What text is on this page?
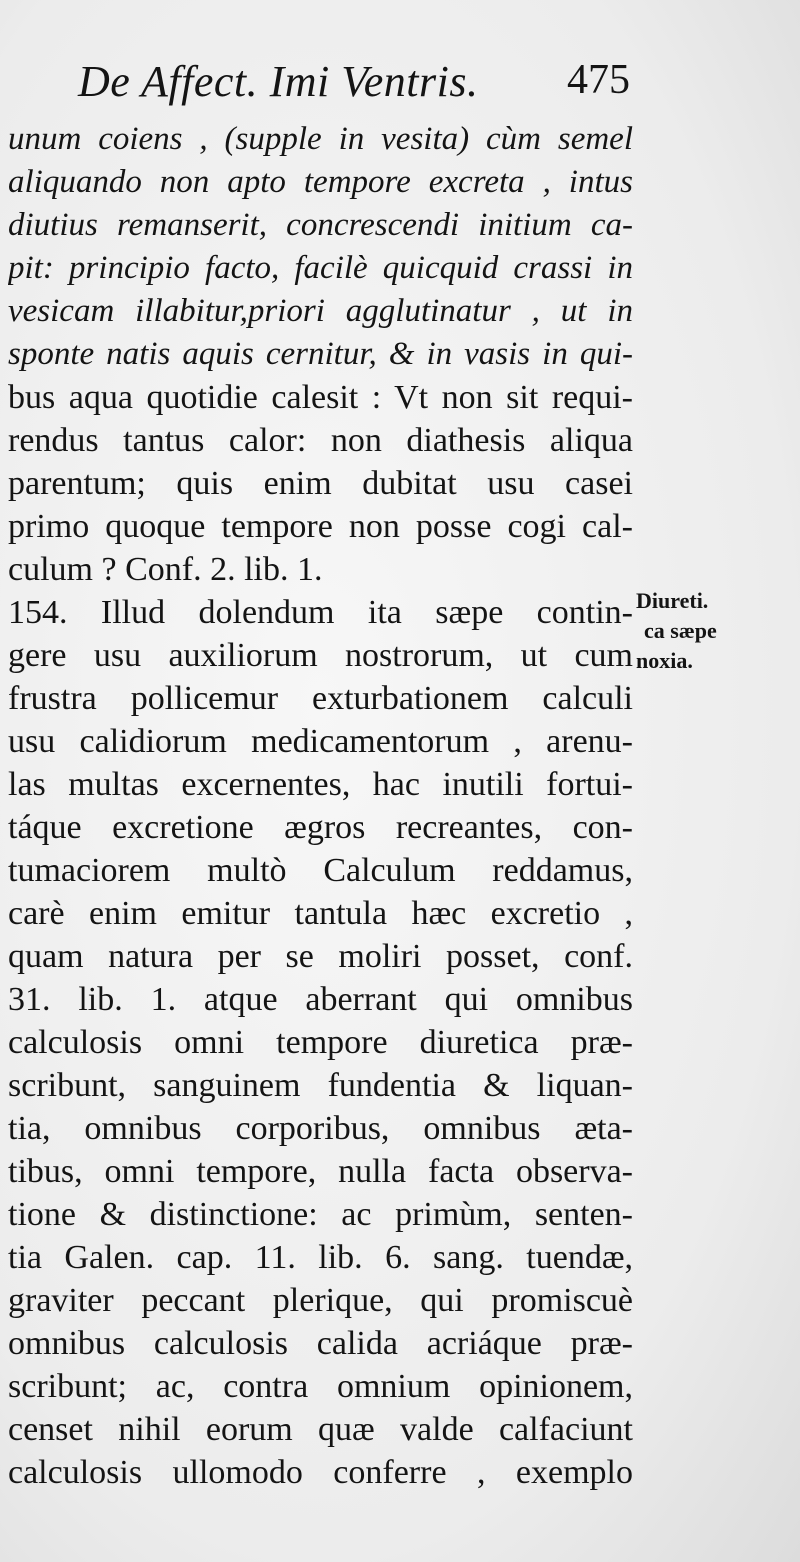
De Affect. Imi Ventris. 475
unum coiens , (supple in vesita) cùm semel
aliquando non apto tempore excreta , intus
diutius remanserit, concrescendi initium ca-
pit: principio facto, facilè quicquid crassi in
vesicam illabitur,priori agglutinatur , ut in
sponte natis aquis cernitur, & in vasis in qui-
bus aqua quotidie calesit : Vt non sit requi-
rendus tantus calor: non diathesis aliqua
parentum; quis enim dubitat usu casei
primo quoque tempore non posse cogi cal-
culum ? Conf. 2. lib. 1.
154. Illud dolendum ita sæpe contin-
gere usu auxiliorum nostrorum, ut cum
frustra pollicemur exturbationem calculi
usu calidiorum medicamentorum , arenu-
las multas excernentes, hac inutili fortui-
táque excretione ægros recreantes, con-
tumaciorem multò Calculum reddamus,
carè enim emitur tantula hæc excretio ,
quam natura per se moliri posset, conf.
31. lib. 1. atque aberrant qui omnibus
calculosis omni tempore diuretica præ-
scribunt, sanguinem fundentia & liquan-
tia, omnibus corporibus, omnibus æta-
tibus, omni tempore, nulla facta observa-
tione & distinctione: ac primùm, senten-
tia Galen. cap. 11. lib. 6. sang. tuendæ,
graviter peccant plerique, qui promiscuè
omnibus calculosis calida acriáque præ-
scribunt; ac, contra omnium opinionem,
censet nihil eorum quæ valde calfaciunt
calculosis ullomodo conferre , exemplo
Diureti.
ca sæpe
noxia.
